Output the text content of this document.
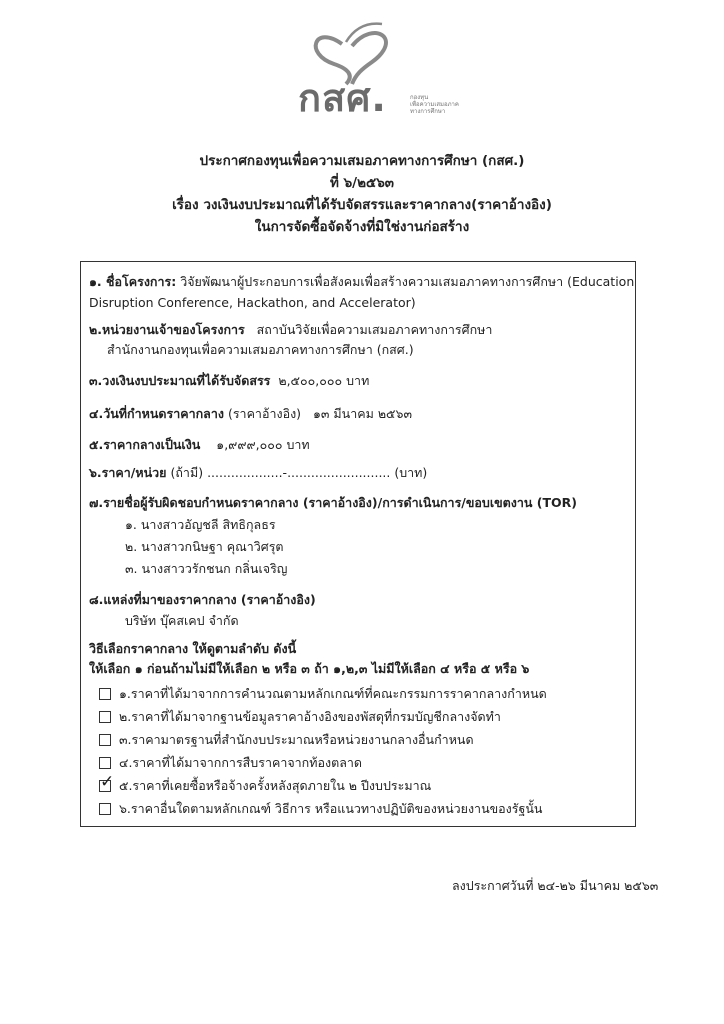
กสศ.	กองทุน
เพื่อความเสมอภาค
ทางการศึกษา
ประกาศกองทุนเพื่อความเสมอภาคทางการศึกษา (กสศ.)
ที่ ๖/๒๕๖๓
เรื่อง วงเงินงบประมาณที่ได้รับจัดสรรและราคากลาง(ราคาอ้างอิง)
ในการจัดซื้อจัดจ้างที่มิใช่งานก่อสร้าง
๑. ชื่อโครงการ: วิจัยพัฒนาผู้ประกอบการเพื่อสังคมเพื่อสร้างความเสมอภาคทางการศึกษา (Education
Disruption Conference, Hackathon, and Accelerator)
๒.หน่วยงานเจ้าของโครงการ สถาบันวิจัยเพื่อความเสมอภาคทางการศึกษา
สำนักงานกองทุนเพื่อความเสมอภาคทางการศึกษา (กสศ.)
๓.วงเงินงบประมาณที่ได้รับจัดสรร ๒,๕๐๐,๐๐๐ บาท
๔.วันที่กำหนดราคากลาง (ราคาอ้างอิง) ๑๓ มีนาคม ๒๕๖๓
๕.ราคากลางเป็นเงิน ๑,๙๙๙,๐๐๐ บาท
๖.ราคา/หน่วย (ถ้ามี) ...................-.......................... (บาท)
๗.รายชื่อผู้รับผิดชอบกำหนดราคากลาง (ราคาอ้างอิง)/การดำเนินการ/ขอบเขตงาน (TOR)
๑. นางสาวอัญชลี สิทธิกุลธร
๒. นางสาวกนิษฐา คุณาวิศรุต
๓. นางสาววรักชนก กลิ่นเจริญ
๘.แหล่งที่มาของราคากลาง (ราคาอ้างอิง)
บริษัท บุ๊คสเคป จำกัด
วิธีเลือกราคากลาง ให้ดูตามลำดับ ดังนี้
ให้เลือก ๑ ก่อนถ้ามไม่มีให้เลือก ๒ หรือ ๓ ถ้า ๑,๒,๓ ไม่มีให้เลือก ๔ หรือ ๕ หรือ ๖
๑.ราคาที่ได้มาจากการคำนวณตามหลักเกณฑ์ที่คณะกรรมการราคากลางกำหนด
๒.ราคาที่ได้มาจากฐานข้อมูลราคาอ้างอิงของพัสดุที่กรมบัญชีกลางจัดทำ
๓.ราคามาตรฐานที่สำนักงบประมาณหรือหน่วยงานกลางอื่นกำหนด
๔.ราคาที่ได้มาจากการสืบราคาจากท้องตลาด
✓ ๕.ราคาที่เคยซื้อหรือจ้างครั้งหลังสุดภายใน ๒ ปีงบประมาณ
๖.ราคาอื่นใดตามหลักเกณฑ์ วิธีการ หรือแนวทางปฏิบัติของหน่วยงานของรัฐนั้น
ลงประกาศวันที่ ๒๔-๒๖ มีนาคม ๒๕๖๓
